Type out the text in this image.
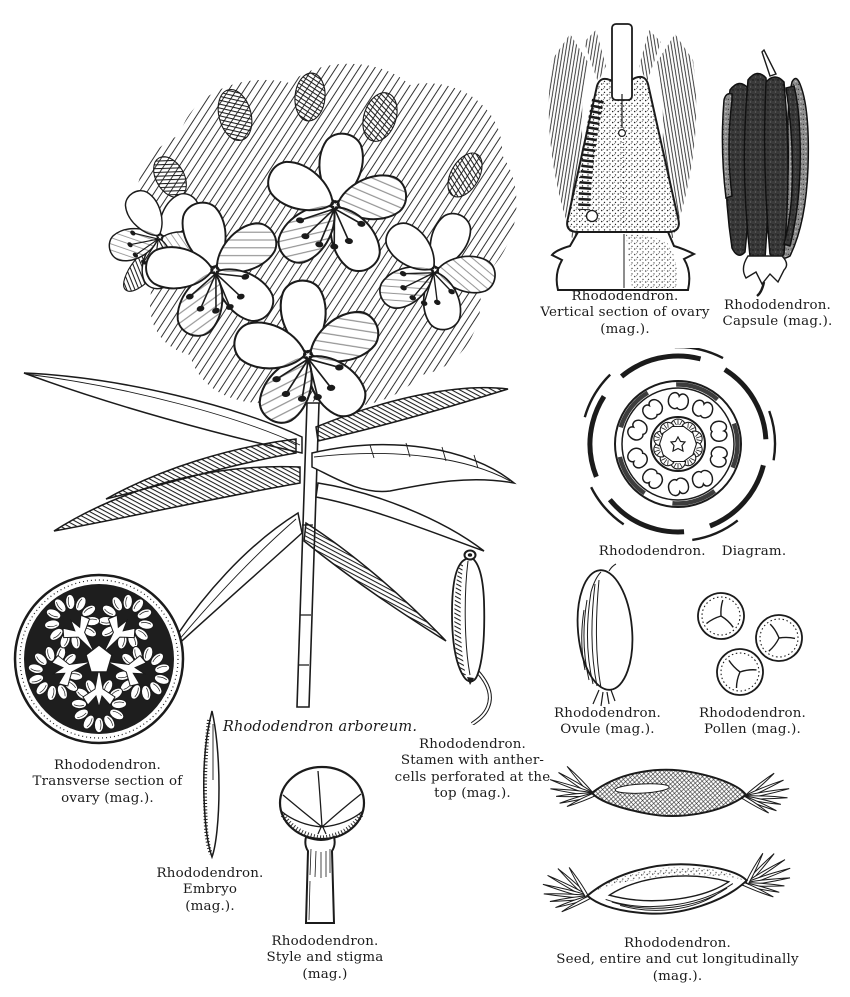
Rhododendron arboreum.
Rhododendron.
Vertical section of ovary
(mag.).
Rhododendron.
Capsule (mag.).
Rhododendron. Diagram.
Rhododendron.
Transverse section of
ovary (mag.).
Rhododendron.
Embryo
(mag.).
Rhododendron.
Style and stigma
(mag.)
Rhododendron.
Stamen with anther-
cells perforated at the
top (mag.).
Rhododendron.
Ovule (mag.).
Rhododendron.
Pollen (mag.).
Rhododendron.
Seed, entire and cut longitudinally
(mag.).
